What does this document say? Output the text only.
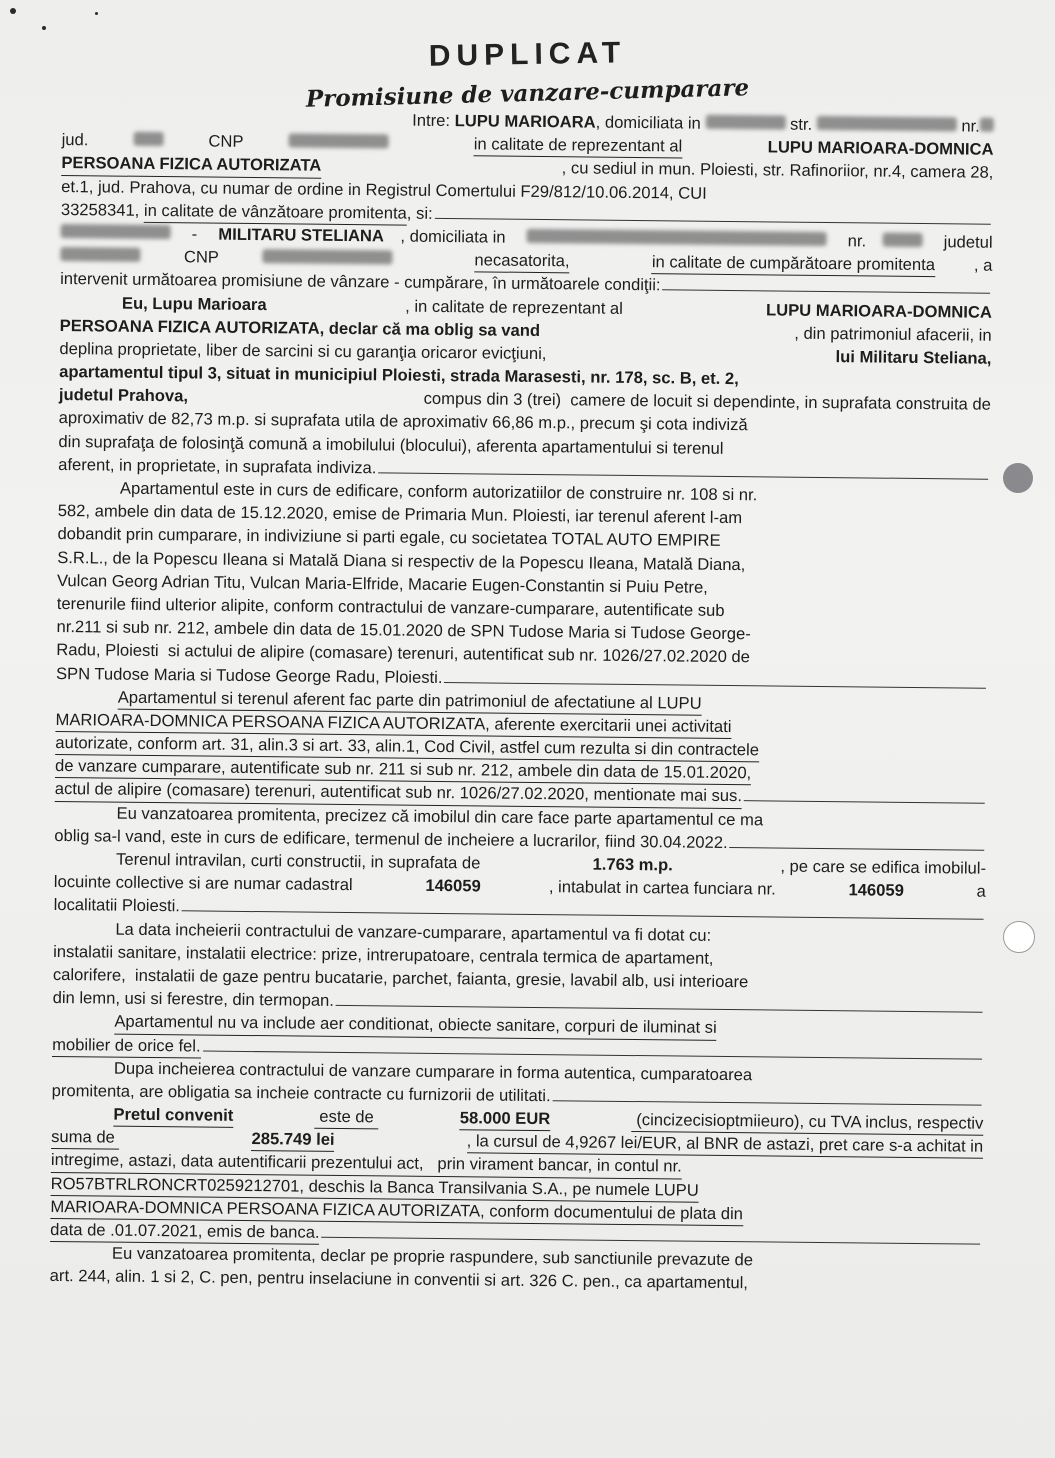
DUPLICAT
Promisiune de vanzare-cumparare

Intre: LUPU MARIOARA , domiciliata in	str.	nr.
jud.	CNP
	in calitate de reprezentant al
	LUPU MARIOARA-DOMNICA
PERSOANA FIZICA AUTORIZATA	, cu sediul in mun. Ploiesti, str. Rafinoriior, nr.4, camera 28,
et.1, jud. Prahova, cu numar de ordine in Registrul Comertului F29/812/10.06.2014, CUI
33258341, in calitate de vânzătoare promitenta , si:
- MILITARU STELIANA , domiciliata in	nr.	judetul
CNP
	necasatorita,
	in calitate de cumpărătoare promitenta , a
intervenit următoarea promisiune de vânzare - cumpărare, în următoarele condiţii:
Eu, Lupu Marioara	, in calitate de reprezentant al	LUPU MARIOARA-DOMNICA
PERSOANA FIZICA AUTORIZATA, declar că ma oblig sa vand	, din patrimoniul afacerii, in
deplina proprietate, liber de sarcini si cu garanţia oricaror evicţiuni,	lui Militaru Steliana,
apartamentul tipul 3, situat in municipiul Ploiesti, strada Marasesti, nr. 178, sc. B, et. 2,
judetul Prahova,	compus din 3 (trei)  camere de locuit si dependinte, in suprafata construita de
aproximativ de 82,73 m.p. si suprafata utila de aproximativ 66,86 m.p., precum şi cota indiviză
din suprafaţa de folosinţă comună a imobilului (blocului), aferenta apartamentului si terenul
aferent, in proprietate, in suprafata indiviza.
Apartamentul este in curs de edificare, conform autorizatiilor de construire nr. 108 si nr.
582, ambele din data de 15.12.2020, emise de Primaria Mun. Ploiesti, iar terenul aferent l-am
dobandit prin cumparare, in indiviziune si parti egale, cu societatea TOTAL AUTO EMPIRE
S.R.L., de la Popescu Ileana si Matală Diana si respectiv de la Popescu Ileana, Matală Diana,
Vulcan Georg Adrian Titu, Vulcan Maria-Elfride, Macarie Eugen-Constantin si Puiu Petre,
terenurile fiind ulterior alipite, conform contractului de vanzare-cumparare, autentificate sub
nr.211 si sub nr. 212, ambele din data de 15.01.2020 de SPN Tudose Maria si Tudose George-
Radu, Ploiesti  si actului de alipire (comasare) terenuri, autentificat sub nr. 1026/27.02.2020 de
SPN Tudose Maria si Tudose George Radu, Ploiesti.
Apartamentul si terenul aferent fac parte din patrimoniul de afectatiune al LUPU
MARIOARA-DOMNICA PERSOANA FIZICA AUTORIZATA, aferente exercitarii unei activitati
autorizate, conform art. 31, alin.3 si art. 33, alin.1, Cod Civil, astfel cum rezulta si din contractele
de vanzare cumparare, autentificate sub nr. 211 si sub nr. 212, ambele din data de 15.01.2020,
actul de alipire (comasare) terenuri, autentificat sub nr. 1026/27.02.2020, mentionate mai sus.
Eu vanzatoarea promitenta, precizez că imobilul din care face parte apartamentul ce ma
oblig sa-l vand, este in curs de edificare, termenul de incheiere a lucrarilor, fiind 30.04.2022.
Terenul intravilan, curti constructii, in suprafata de	1.763 m.p.	, pe care se edifica imobilul-
locuinte collective si are numar cadastral	146059	, intabulat in cartea funciara nr.	146059	a
localitatii Ploiesti.
La data incheierii contractului de vanzare-cumparare, apartamentul va fi dotat cu:
instalatii sanitare, instalatii electrice: prize, intrerupatoare, centrala termica de apartament,
calorifere,  instalatii de gaze pentru bucatarie, parchet, faianta, gresie, lavabil alb, usi interioare
din lemn, usi si ferestre, din termopan.
Apartamentul nu va include aer conditionat, obiecte sanitare, corpuri de iluminat si
mobilier de orice fel.
Dupa incheierea contractului de vanzare cumparare in forma autentica, cumparatoarea
promitenta, are obligatia sa incheie contracte cu furnizorii de utilitati.
Pretul convenit	este de	58.000 EUR	(cincizecisioptmiieuro), cu TVA inclus, respectiv
suma de	285.749 lei	, la cursul de 4,9267 lei/EUR, al BNR de astazi, pret care s-a achitat in
intregime, astazi, data autentificarii prezentului act,   prin virament bancar, in contul nr.
RO57BTRLRONCRT0259212701, deschis la Banca Transilvania S.A., pe numele LUPU
MARIOARA-DOMNICA PERSOANA FIZICA AUTORIZATA, conform documentului de plata din
data de .01.07.2021, emis de banca.
Eu vanzatoarea promitenta, declar pe proprie raspundere, sub sanctiunile prevazute de
art. 244, alin. 1 si 2, C. pen, pentru inselaciune in conventii si art. 326 C. pen., ca apartamentul,
